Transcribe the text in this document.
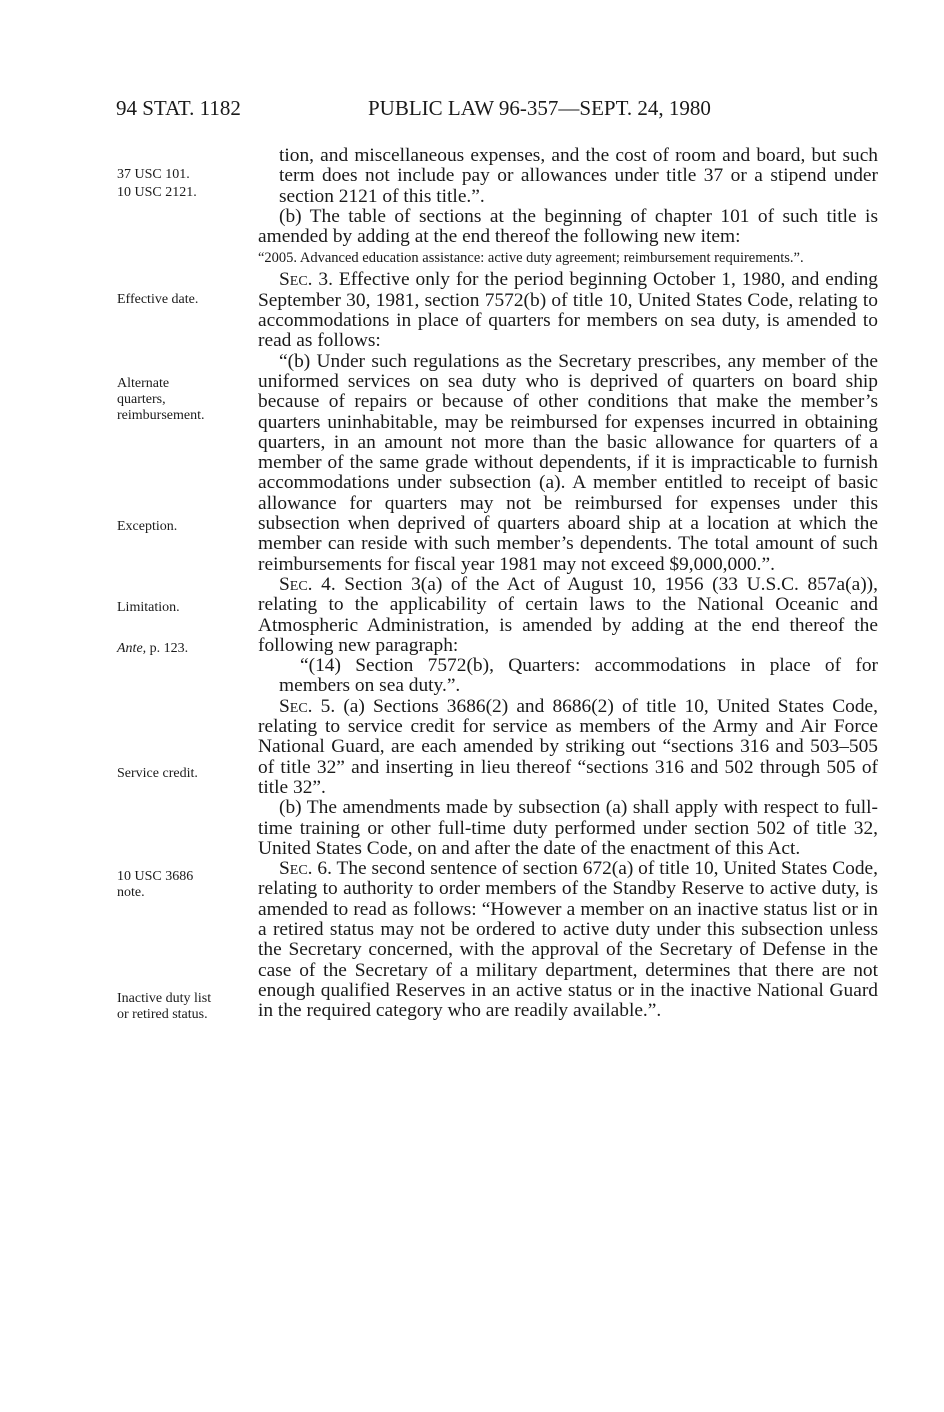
94 STAT. 1182	PUBLIC LAW 96-357—SEPT. 24, 1980
37 USC 101.
10 USC 2121.
Effective date.
Alternate
quarters,
reimbursement.
Exception.
Limitation.
Ante, p. 123.
Service credit.
10 USC 3686
note.
Inactive duty list
or retired status.

tion, and miscellaneous expenses, and the cost of room and board, but such term does not include pay or allowances under title 37 or a stipend under section 2121 of this title.”.

(b) The table of sections at the beginning of chapter 101 of such title is amended by adding at the end thereof the following new item:

“2005. Advanced education assistance: active duty agreement; reimbursement requirements.”.

Sec. 3. Effective only for the period beginning October 1, 1980, and ending September 30, 1981, section 7572(b) of title 10, United States Code, relating to accommodations in place of quarters for members on sea duty, is amended to read as follows:

“(b) Under such regulations as the Secretary prescribes, any member of the uniformed services on sea duty who is deprived of quarters on board ship because of repairs or because of other conditions that make the member’s quarters uninhabitable, may be reimbursed for expenses incurred in obtaining quarters, in an amount not more than the basic allowance for quarters of a member of the same grade without dependents, if it is impracticable to furnish accommodations under subsection (a). A member entitled to receipt of basic allowance for quarters may not be reimbursed for expenses under this subsection when deprived of quarters aboard ship at a location at which the member can reside with such member’s dependents. The total amount of such reimbursements for fiscal year 1981 may not exceed $9,000,000.”.

Sec. 4. Section 3(a) of the Act of August 10, 1956 (33 U.S.C. 857a(a)), relating to the applicability of certain laws to the National Oceanic and Atmospheric Administration, is amended by adding at the end thereof the following new paragraph:

“(14) Section 7572(b), Quarters: accommodations in place of for members on sea duty.”.

Sec. 5. (a) Sections 3686(2) and 8686(2) of title 10, United States Code, relating to service credit for service as members of the Army and Air Force National Guard, are each amended by striking out “sections 316 and 503–505 of title 32” and inserting in lieu thereof “sections 316 and 502 through 505 of title 32”.

(b) The amendments made by subsection (a) shall apply with respect to full-time training or other full-time duty performed under section 502 of title 32, United States Code, on and after the date of the enactment of this Act.

Sec. 6. The second sentence of section 672(a) of title 10, United States Code, relating to authority to order members of the Standby Reserve to active duty, is amended to read as follows: “However a member on an inactive status list or in a retired status may not be ordered to active duty under this subsection unless the Secretary concerned, with the approval of the Secretary of Defense in the case of the Secretary of a military department, determines that there are not enough qualified Reserves in an active status or in the inactive National Guard in the required category who are readily available.”.
